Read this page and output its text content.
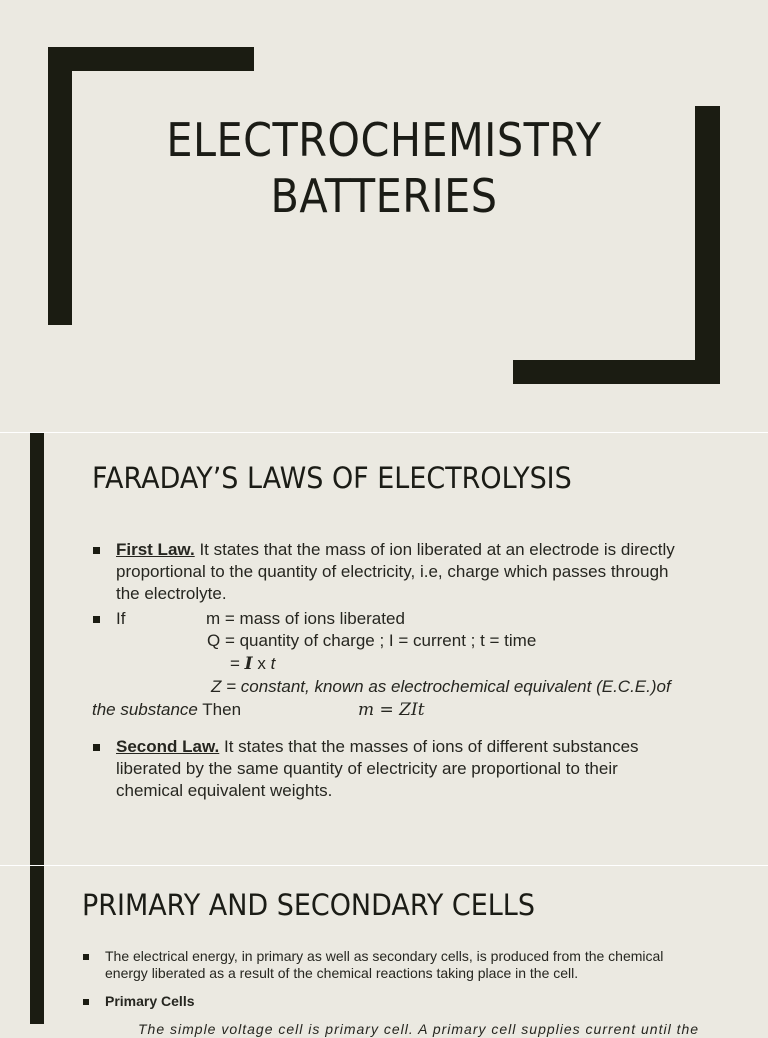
ELECTROCHEMISTRY
BATTERIES
FARADAY’S LAWS OF ELECTROLYSIS
First Law. It states that the mass of ion liberated at an electrode is directly
proportional to the quantity of electricity, i.e, charge which passes through
the electrolyte.
If	m = mass of ions liberated
Q = quantity of charge ; I = current ; t = time
= I x t
Z = constant, known as electrochemical equivalent (E.C.E.)of
the substance Then	m = ZIt
Second Law. It states that the masses of ions of different substances
liberated by the same quantity of electricity are proportional to their
chemical equivalent weights.
PRIMARY AND SECONDARY CELLS
The electrical energy, in primary as well as secondary cells, is produced from the chemical
energy liberated as a result of the chemical reactions taking place in the cell.
Primary Cells
The simple voltage cell is primary cell. A primary cell supplies current until the
